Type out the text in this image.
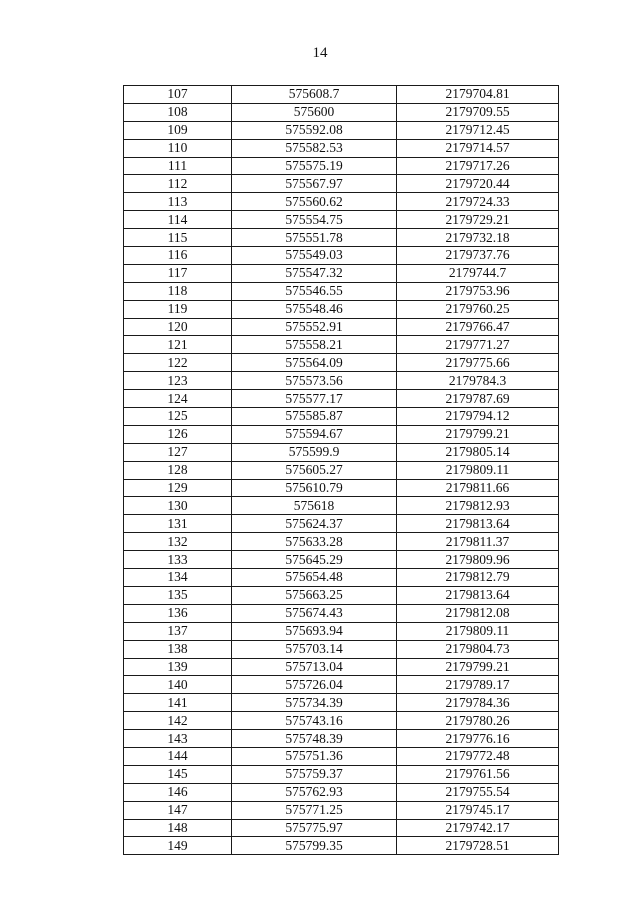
14
107	575608.7	2179704.81
108	575600	2179709.55
109	575592.08	2179712.45
110	575582.53	2179714.57
111	575575.19	2179717.26
112	575567.97	2179720.44
113	575560.62	2179724.33
114	575554.75	2179729.21
115	575551.78	2179732.18
116	575549.03	2179737.76
117	575547.32	2179744.7
118	575546.55	2179753.96
119	575548.46	2179760.25
120	575552.91	2179766.47
121	575558.21	2179771.27
122	575564.09	2179775.66
123	575573.56	2179784.3
124	575577.17	2179787.69
125	575585.87	2179794.12
126	575594.67	2179799.21
127	575599.9	2179805.14
128	575605.27	2179809.11
129	575610.79	2179811.66
130	575618	2179812.93
131	575624.37	2179813.64
132	575633.28	2179811.37
133	575645.29	2179809.96
134	575654.48	2179812.79
135	575663.25	2179813.64
136	575674.43	2179812.08
137	575693.94	2179809.11
138	575703.14	2179804.73
139	575713.04	2179799.21
140	575726.04	2179789.17
141	575734.39	2179784.36
142	575743.16	2179780.26
143	575748.39	2179776.16
144	575751.36	2179772.48
145	575759.37	2179761.56
146	575762.93	2179755.54
147	575771.25	2179745.17
148	575775.97	2179742.17
149	575799.35	2179728.51
